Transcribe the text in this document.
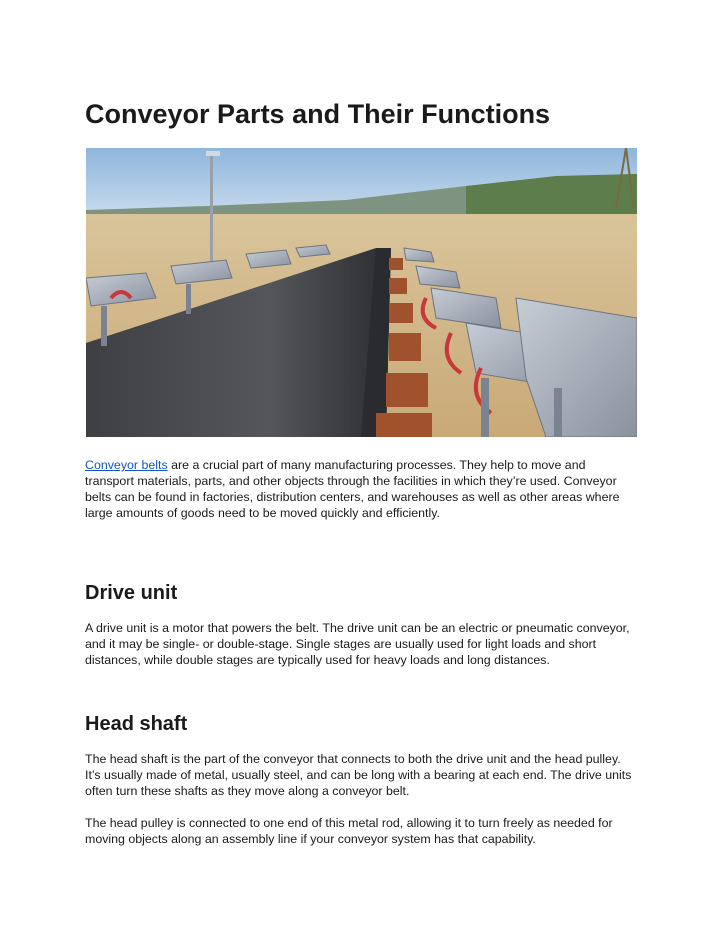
Conveyor Parts and Their Functions

Conveyor belts are a crucial part of many manufacturing processes. They help to move and transport materials, parts, and other objects through the facilities in which they’re used. Conveyor belts can be found in factories, distribution centers, and warehouses as well as other areas where large amounts of goods need to be moved quickly and efficiently.

Drive unit

A drive unit is a motor that powers the belt. The drive unit can be an electric or pneumatic conveyor, and it may be single- or double-stage. Single stages are usually used for light loads and short distances, while double stages are typically used for heavy loads and long distances.

Head shaft

The head shaft is the part of the conveyor that connects to both the drive unit and the head pulley. It’s usually made of metal, usually steel, and can be long with a bearing at each end. The drive units often turn these shafts as they move along a conveyor belt.

The head pulley is connected to one end of this metal rod, allowing it to turn freely as needed for moving objects along an assembly line if your conveyor system has that capability.
